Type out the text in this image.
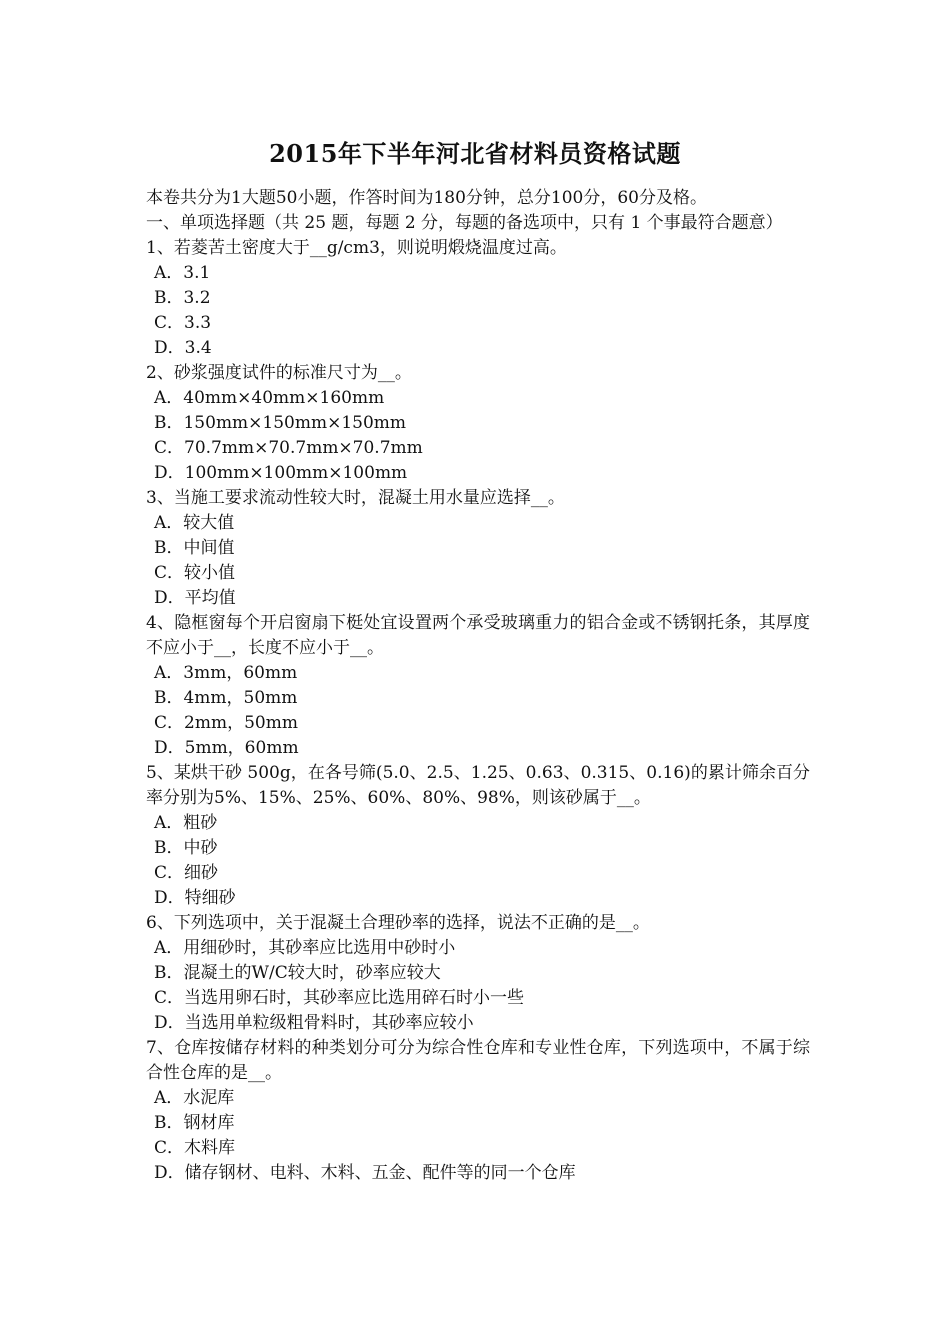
2015年下半年河北省材料员资格试题
本卷共分为1大题50小题，作答时间为180分钟，总分100分，60分及格。
一、单项选择题（共 25 题，每题 2 分，每题的备选项中，只有 1 个事最符合题意）
1、若菱苦土密度大于__g/cm3，则说明煅烧温度过高。
A．3.1
B．3.2
C．3.3
D．3.4
2、砂浆强度试件的标准尺寸为__。
A．40mm×40mm×160mm
B．150mm×150mm×150mm
C．70.7mm×70.7mm×70.7mm
D．100mm×100mm×100mm
3、当施工要求流动性较大时，混凝土用水量应选择__。
A．较大值
B．中间值
C．较小值
D．平均值
4、隐框窗每个开启窗扇下梃处宜设置两个承受玻璃重力的铝合金或不锈钢托条，其厚度不应小于__，长度不应小于__。
A．3mm，60mm
B．4mm，50mm
C．2mm，50mm
D．5mm，60mm
5、某烘干砂 500g，在各号筛(5.0、2.5、1.25、0.63、0.315、0.16)的累计筛余百分率分别为5%、15%、25%、60%、80%、98%，则该砂属于__。
A．粗砂
B．中砂
C．细砂
D．特细砂
6、下列选项中，关于混凝土合理砂率的选择，说法不正确的是__。
A．用细砂时，其砂率应比选用中砂时小
B．混凝土的W/C较大时，砂率应较大
C．当选用卵石时，其砂率应比选用碎石时小一些
D．当选用单粒级粗骨料时，其砂率应较小
7、仓库按储存材料的种类划分可分为综合性仓库和专业性仓库，下列选项中，不属于综合性仓库的是__。
A．水泥库
B．钢材库
C．木料库
D．储存钢材、电料、木料、五金、配件等的同一个仓库
